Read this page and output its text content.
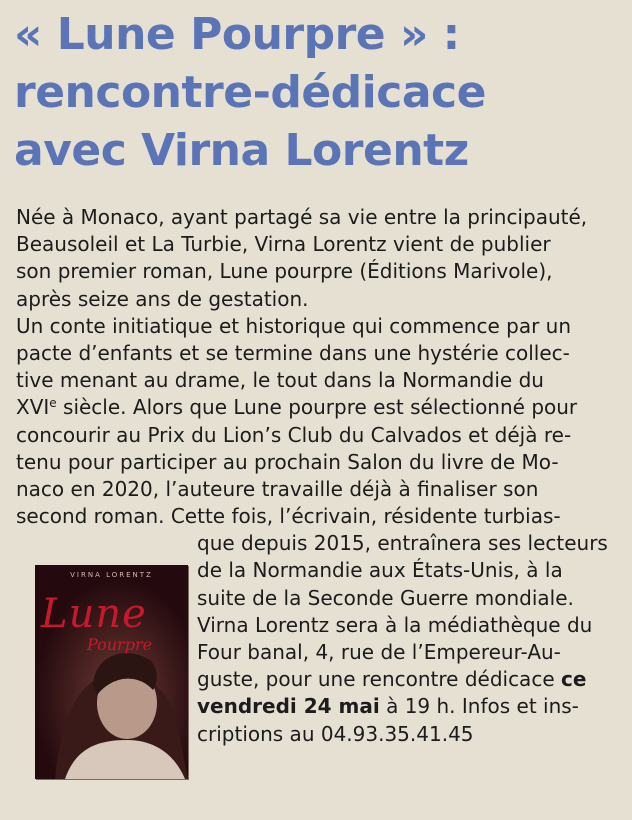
« Lune Pourpre » :
rencontre-dédicace
avec Virna Lorentz
Née à Monaco, ayant partagé sa vie entre la principauté,
Beausoleil et La Turbie, Virna Lorentz vient de publier
son premier roman, Lune pourpre (Éditions Marivole),
après seize ans de gestation.
Un conte initiatique et historique qui commence par un
pacte d’enfants et se termine dans une hystérie collec-
tive menant au drame, le tout dans la Normandie du
XVIe siècle. Alors que Lune pourpre est sélectionné pour
concourir au Prix du Lion’s Club du Calvados et déjà re-
tenu pour participer au prochain Salon du livre de Mo-
naco en 2020, l’auteure travaille déjà à finaliser son
second roman. Cette fois, l’écrivain, résidente turbias-
que depuis 2015, entraînera ses lecteurs
de la Normandie aux États-Unis, à la
suite de la Seconde Guerre mondiale.
Virna Lorentz sera à la médiathèque du
Four banal, 4, rue de l’Empereur-Au-
guste, pour une rencontre dédicace ce
vendredi 24 mai à 19 h. Infos et ins-
criptions au 04.93.35.41.45
VIRNA LORENTZ
Lune
Pourpre
